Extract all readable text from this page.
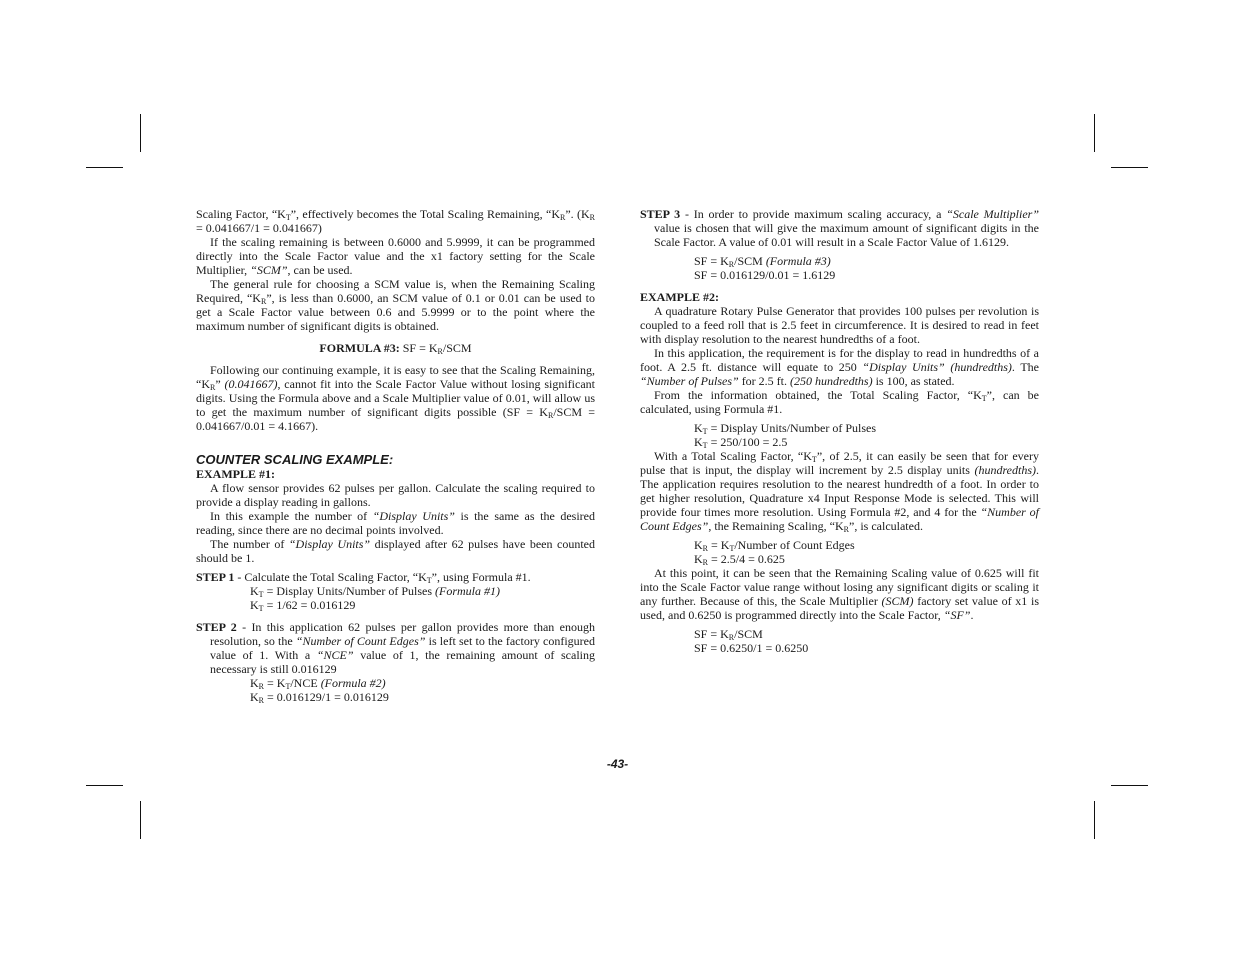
Scaling Factor, “$K_T$”, effectively becomes the Total Scaling Remaining, “$K_R$”. $(K_R = 0.041667/1 = 0.041667)$

If the scaling remaining is between 0.6000 and 5.9999, it can be programmed directly into the Scale Factor value and the x1 factory setting for the Scale Multiplier, “SCM”, can be used.

The general rule for choosing a SCM value is, when the Remaining Scaling Required, “$K_R$”, is less than 0.6000, an SCM value of 0.1 or 0.01 can be used to get a Scale Factor value between 0.6 and 5.9999 or to the point where the maximum number of significant digits is obtained.

FORMULA #3: SF = $K_R$/SCM

Following our continuing example, it is easy to see that the Scaling Remaining, “$K_R$” (0.041667), cannot fit into the Scale Factor Value without losing significant digits. Using the Formula above and a Scale Multiplier value of 0.01, will allow us to get the maximum number of significant digits possible ($SF = K_R$/SCM = 0.041667/0.01 = 4.1667).

COUNTER SCALING EXAMPLE:

EXAMPLE #1:

A flow sensor provides 62 pulses per gallon. Calculate the scaling required to provide a display reading in gallons.

In this example the number of “Display Units” is the same as the desired reading, since there are no decimal points involved.

The number of “Display Units” displayed after 62 pulses have been counted should be 1.

STEP 1 - Calculate the Total Scaling Factor, “$K_T$”, using Formula #1.

$K_T$ = Display Units/Number of Pulses (Formula #1)

$K_T = 1/62 = 0.016129$

STEP 2 - In this application 62 pulses per gallon provides more than enough resolution, so the “Number of Count Edges” is left set to the factory configured value of 1. With a “NCE” value of 1, the remaining amount of scaling necessary is still 0.016129

$K_R = K_T/NCE$ (Formula #2)

$K_R = 0.016129/1 = 0.016129$

STEP 3 - In order to provide maximum scaling accuracy, a “Scale Multiplier” value is chosen that will give the maximum amount of significant digits in the Scale Factor. A value of 0.01 will result in a Scale Factor Value of 1.6129.

SF = $K_R$/SCM (Formula #3)

SF = 0.016129/0.01 = 1.6129

EXAMPLE #2:

A quadrature Rotary Pulse Generator that provides 100 pulses per revolution is coupled to a feed roll that is 2.5 feet in circumference. It is desired to read in feet with display resolution to the nearest hundredths of a foot.

In this application, the requirement is for the display to read in hundredths of a foot. A 2.5 ft. distance will equate to 250 “Display Units” (hundredths). The “Number of Pulses” for 2.5 ft. (250 hundredths) is 100, as stated.

From the information obtained, the Total Scaling Factor, “$K_T$”, can be calculated, using Formula #1.

$K_T$ = Display Units/Number of Pulses

$K_T = 250/100 = 2.5$

With a Total Scaling Factor, “$K_T$”, of 2.5, it can easily be seen that for every pulse that is input, the display will increment by 2.5 display units (hundredths). The application requires resolution to the nearest hundredth of a foot. In order to get higher resolution, Quadrature x4 Input Response Mode is selected. This will provide four times more resolution. Using Formula #2, and 4 for the “Number of Count Edges”, the Remaining Scaling, “$K_R$”, is calculated.

$K_R$ = $K_T$/Number of Count Edges

$K_R = 2.5/4 = 0.625$

At this point, it can be seen that the Remaining Scaling value of 0.625 will fit into the Scale Factor value range without losing any significant digits or scaling it any further. Because of this, the Scale Multiplier (SCM) factory set value of x1 is used, and 0.6250 is programmed directly into the Scale Factor, “SF”.

SF = $K_R$/SCM

SF = 0.6250/1 = 0.6250

-43-
